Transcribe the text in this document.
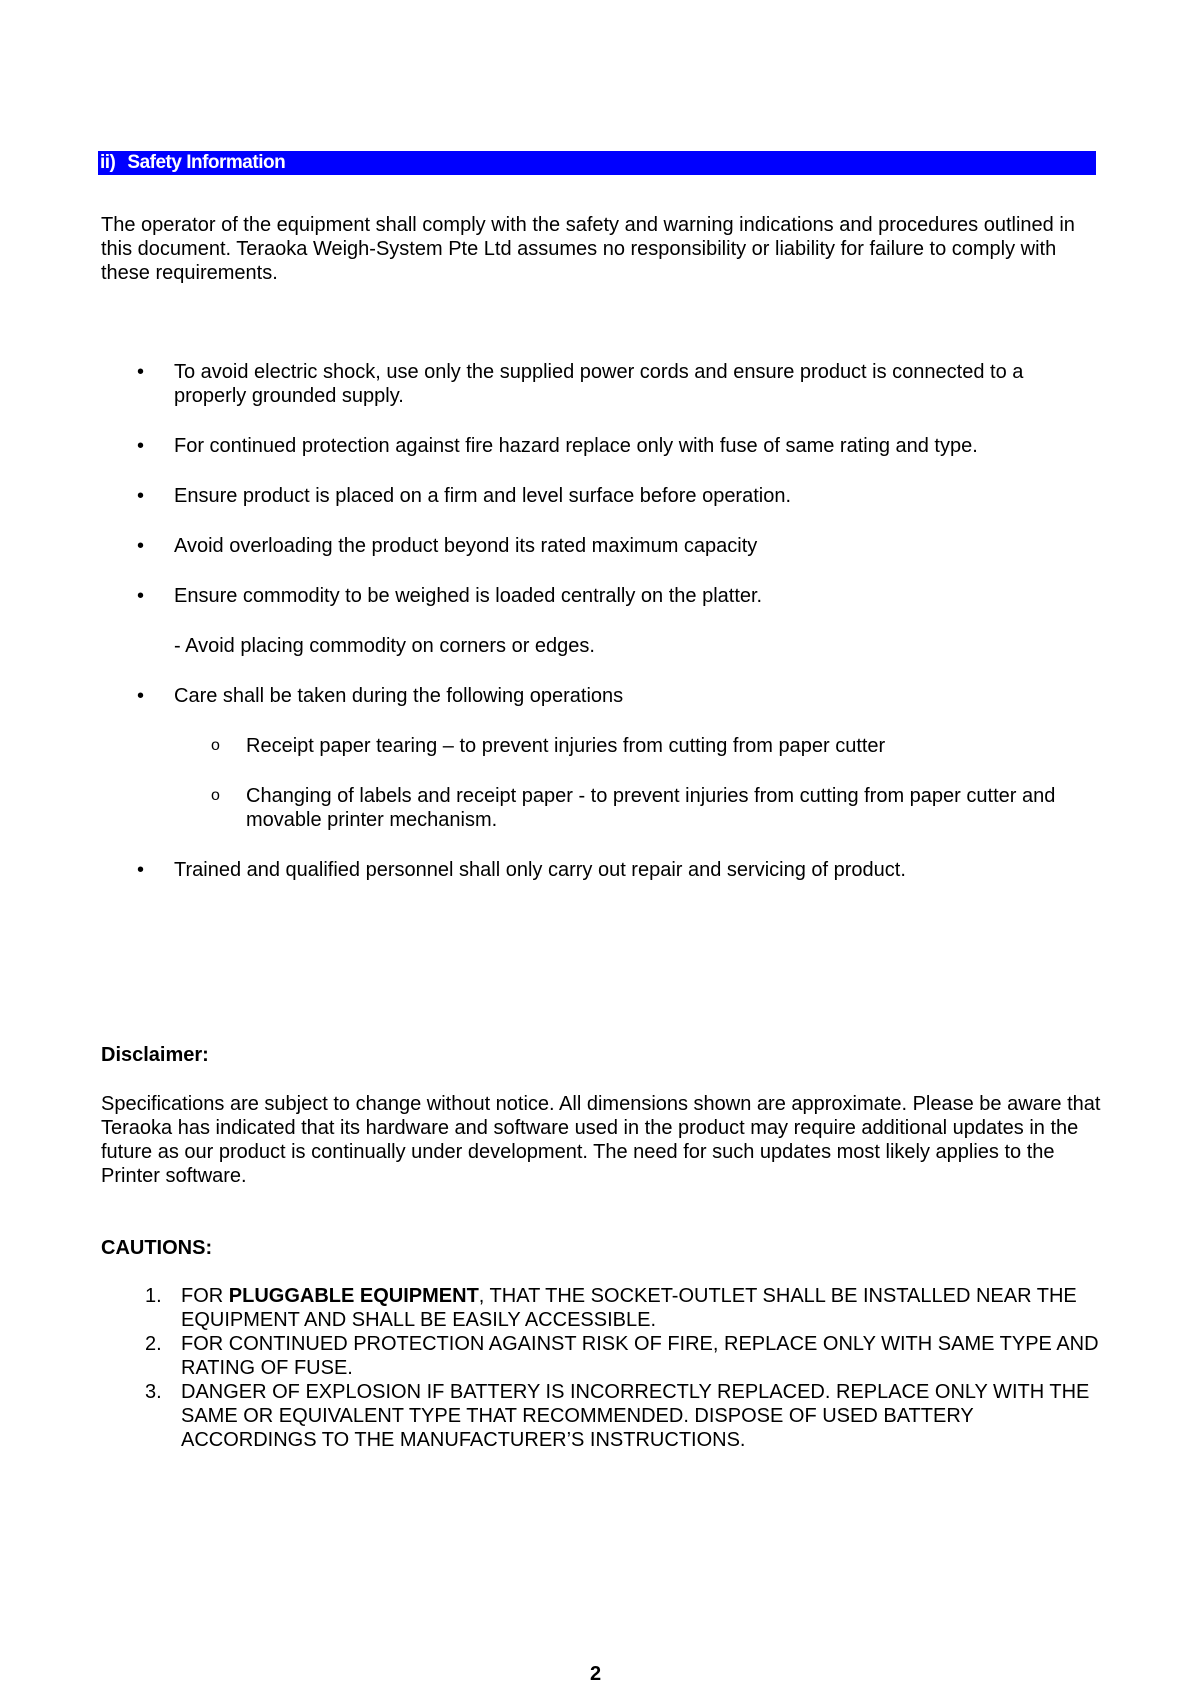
ii) Safety Information

The operator of the equipment shall comply with the safety and warning indications and procedures outlined in this document. Teraoka Weigh-System Pte Ltd assumes no responsibility or liability for failure to comply with these requirements.

• To avoid electric shock, use only the supplied power cords and ensure product is connected to a properly grounded supply.
• For continued protection against fire hazard replace only with fuse of same rating and type.
• Ensure product is placed on a firm and level surface before operation.
• Avoid overloading the product beyond its rated maximum capacity
• Ensure commodity to be weighed is loaded centrally on the platter.
- Avoid placing commodity on corners or edges.
• Care shall be taken during the following operations
o Receipt paper tearing – to prevent injuries from cutting from paper cutter
o Changing of labels and receipt paper - to prevent injuries from cutting from paper cutter and movable printer mechanism.
• Trained and qualified personnel shall only carry out repair and servicing of product.

Disclaimer:

Specifications are subject to change without notice. All dimensions shown are approximate. Please be aware that Teraoka has indicated that its hardware and software used in the product may require additional updates in the future as our product is continually under development. The need for such updates most likely applies to the Printer software.

CAUTIONS:

1. FOR PLUGGABLE EQUIPMENT, THAT THE SOCKET-OUTLET SHALL BE INSTALLED NEAR THE EQUIPMENT AND SHALL BE EASILY ACCESSIBLE.
2. FOR CONTINUED PROTECTION AGAINST RISK OF FIRE, REPLACE ONLY WITH SAME TYPE AND RATING OF FUSE.
3. DANGER OF EXPLOSION IF BATTERY IS INCORRECTLY REPLACED. REPLACE ONLY WITH THE SAME OR EQUIVALENT TYPE THAT RECOMMENDED. DISPOSE OF USED BATTERY ACCORDINGS TO THE MANUFACTURER’S INSTRUCTIONS.
2
